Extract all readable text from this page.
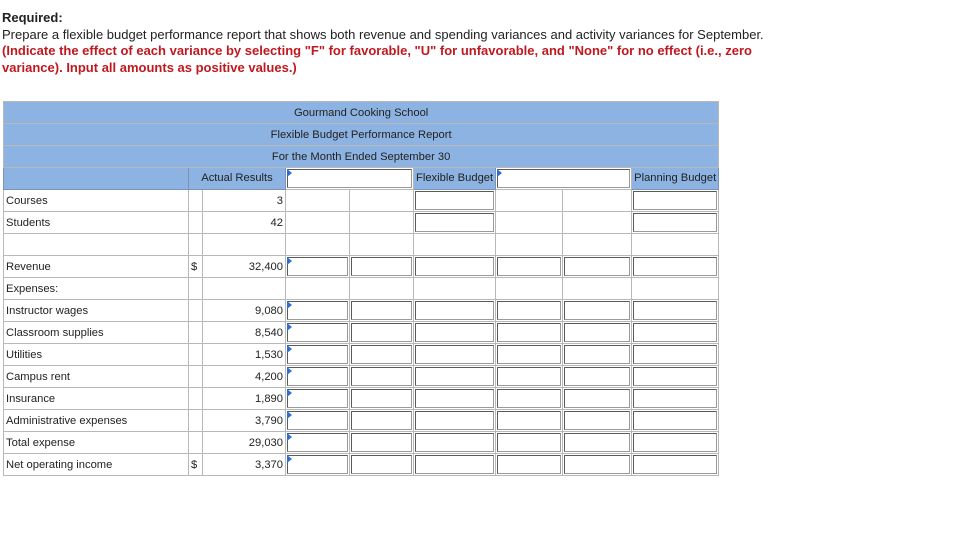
Required:
Prepare a flexible budget performance report that shows both revenue and spending variances and activity variances for September.
(Indicate the effect of each variance by selecting "F" for favorable, "U" for unfavorable, and "None" for no effect (i.e., zero
variance). Input all amounts as positive values.)
Gourmand Cooking School								
Flexible Budget Performance Report								
For the Month Ended September 30								
	Actual Results				Flexible Budget			Planning Budget
Courses		3			

Students		42			

Revenue	$	32,400	

Expenses:								
Instructor wages		9,080	

Classroom supplies		8,540	

Utilities		1,530	

Campus rent		4,200	

Insurance		1,890	

Administrative expenses		3,790	

Total expense		29,030	

Net operating income	$	3,370	
